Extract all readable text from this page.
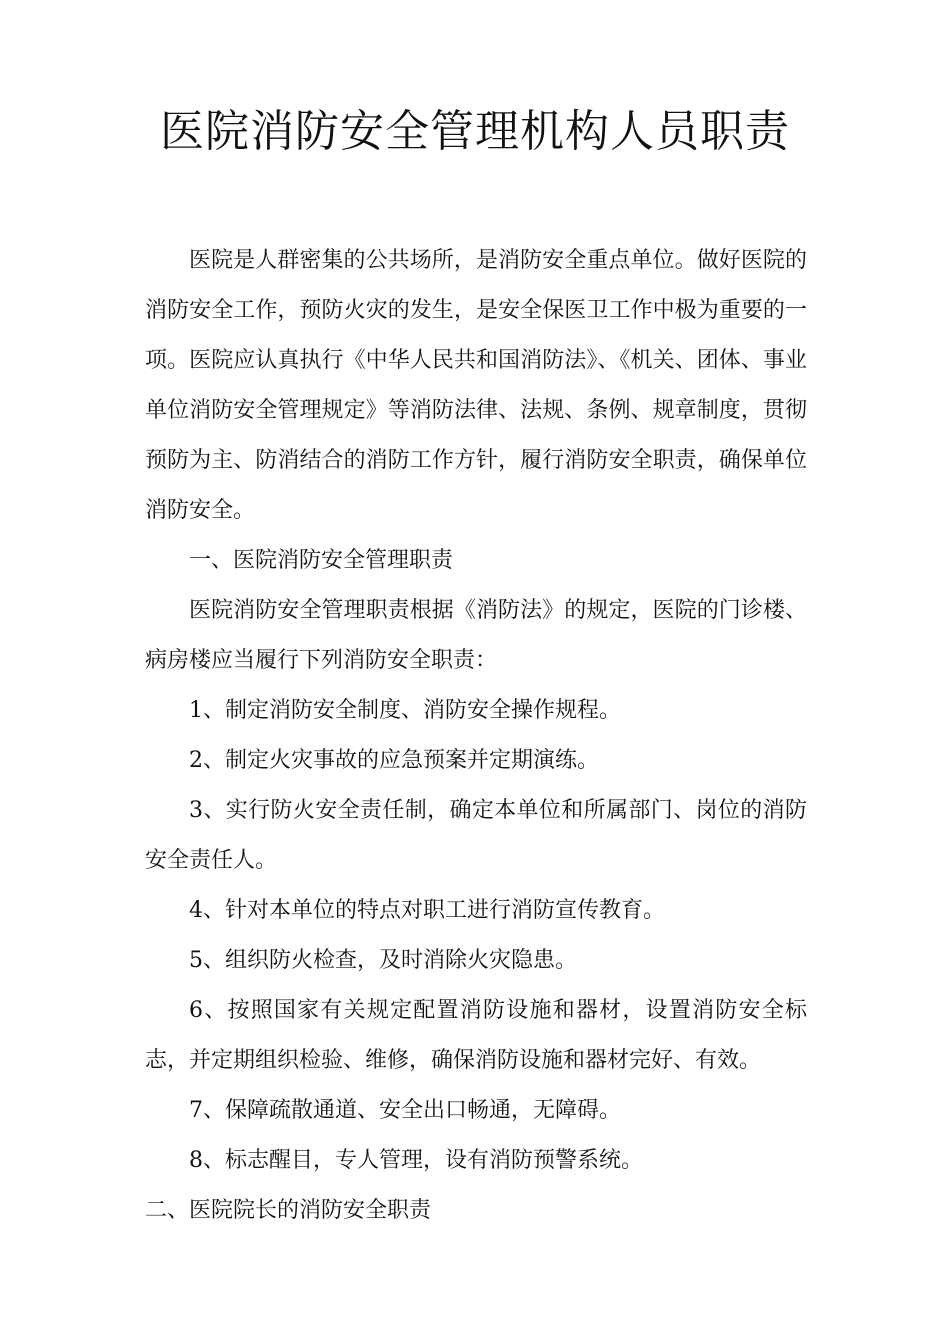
医院消防安全管理机构人员职责

医院是人群密集的公共场所，是消防安全重点单位。做好医院的消防安全工作，预防火灾的发生，是安全保医卫工作中极为重要的一项。医院应认真执行《中华人民共和国消防法》、《机关、团体、事业单位消防安全管理规定》等消防法律、法规、条例、规章制度，贯彻预防为主、防消结合的消防工作方针，履行消防安全职责，确保单位消防安全。

一、医院消防安全管理职责

医院消防安全管理职责根据《消防法》的规定，医院的门诊楼、病房楼应当履行下列消防安全职责：

1、制定消防安全制度、消防安全操作规程。

2、制定火灾事故的应急预案并定期演练。

3、实行防火安全责任制，确定本单位和所属部门、岗位的消防安全责任人。

4、针对本单位的特点对职工进行消防宣传教育。

5、组织防火检查，及时消除火灾隐患。

6、按照国家有关规定配置消防设施和器材，设置消防安全标志，并定期组织检验、维修，确保消防设施和器材完好、有效。

7、保障疏散通道、安全出口畅通，无障碍。

8、标志醒目，专人管理，设有消防预警系统。

二、医院院长的消防安全职责
